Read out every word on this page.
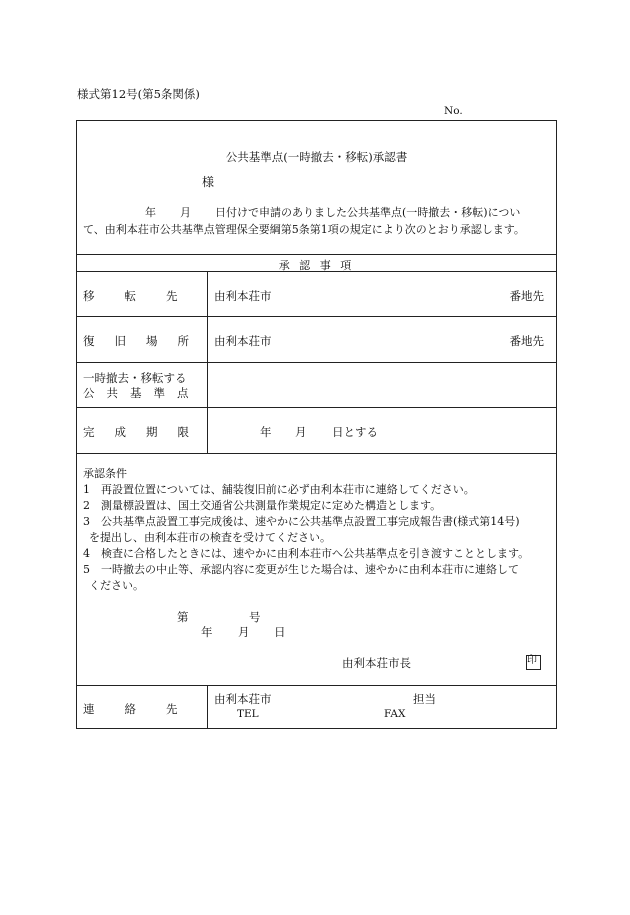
様式第12号(第5条関係)
No.
公共基準点(一時撤去・移転)承認書
様
年 月 日付けで申請のありました公共基準点(一時撤去・移転)につい
て、由利本荘市公共基準点管理保全要綱第5条第1項の規定により次のとおり承認します。
承 認 事 項
移転先 由利本荘市	番地先
復旧場所 由利本荘市	番地先
一時撤去・移転する
公共基準点
完成期限	年 月 日とする
承認条件
1　再設置位置については、舗装復旧前に必ず由利本荘市に連絡してください。
2　測量標設置は、国土交通省公共測量作業規定に定めた構造とします。
3　公共基準点設置工事完成後は、速やかに公共基準点設置工事完成報告書(様式第14号)
を提出し、由利本荘市の検査を受けてください。
4　検査に合格したときには、速やかに由利本荘市へ公共基準点を引き渡すこととします。
5　一時撤去の中止等、承認内容に変更が生じた場合は、速やかに由利本荘市に連絡して
ください。
第	号
年 月 日
由利本荘市長	印
連絡先
由利本荘市	担当
TEL	FAX
